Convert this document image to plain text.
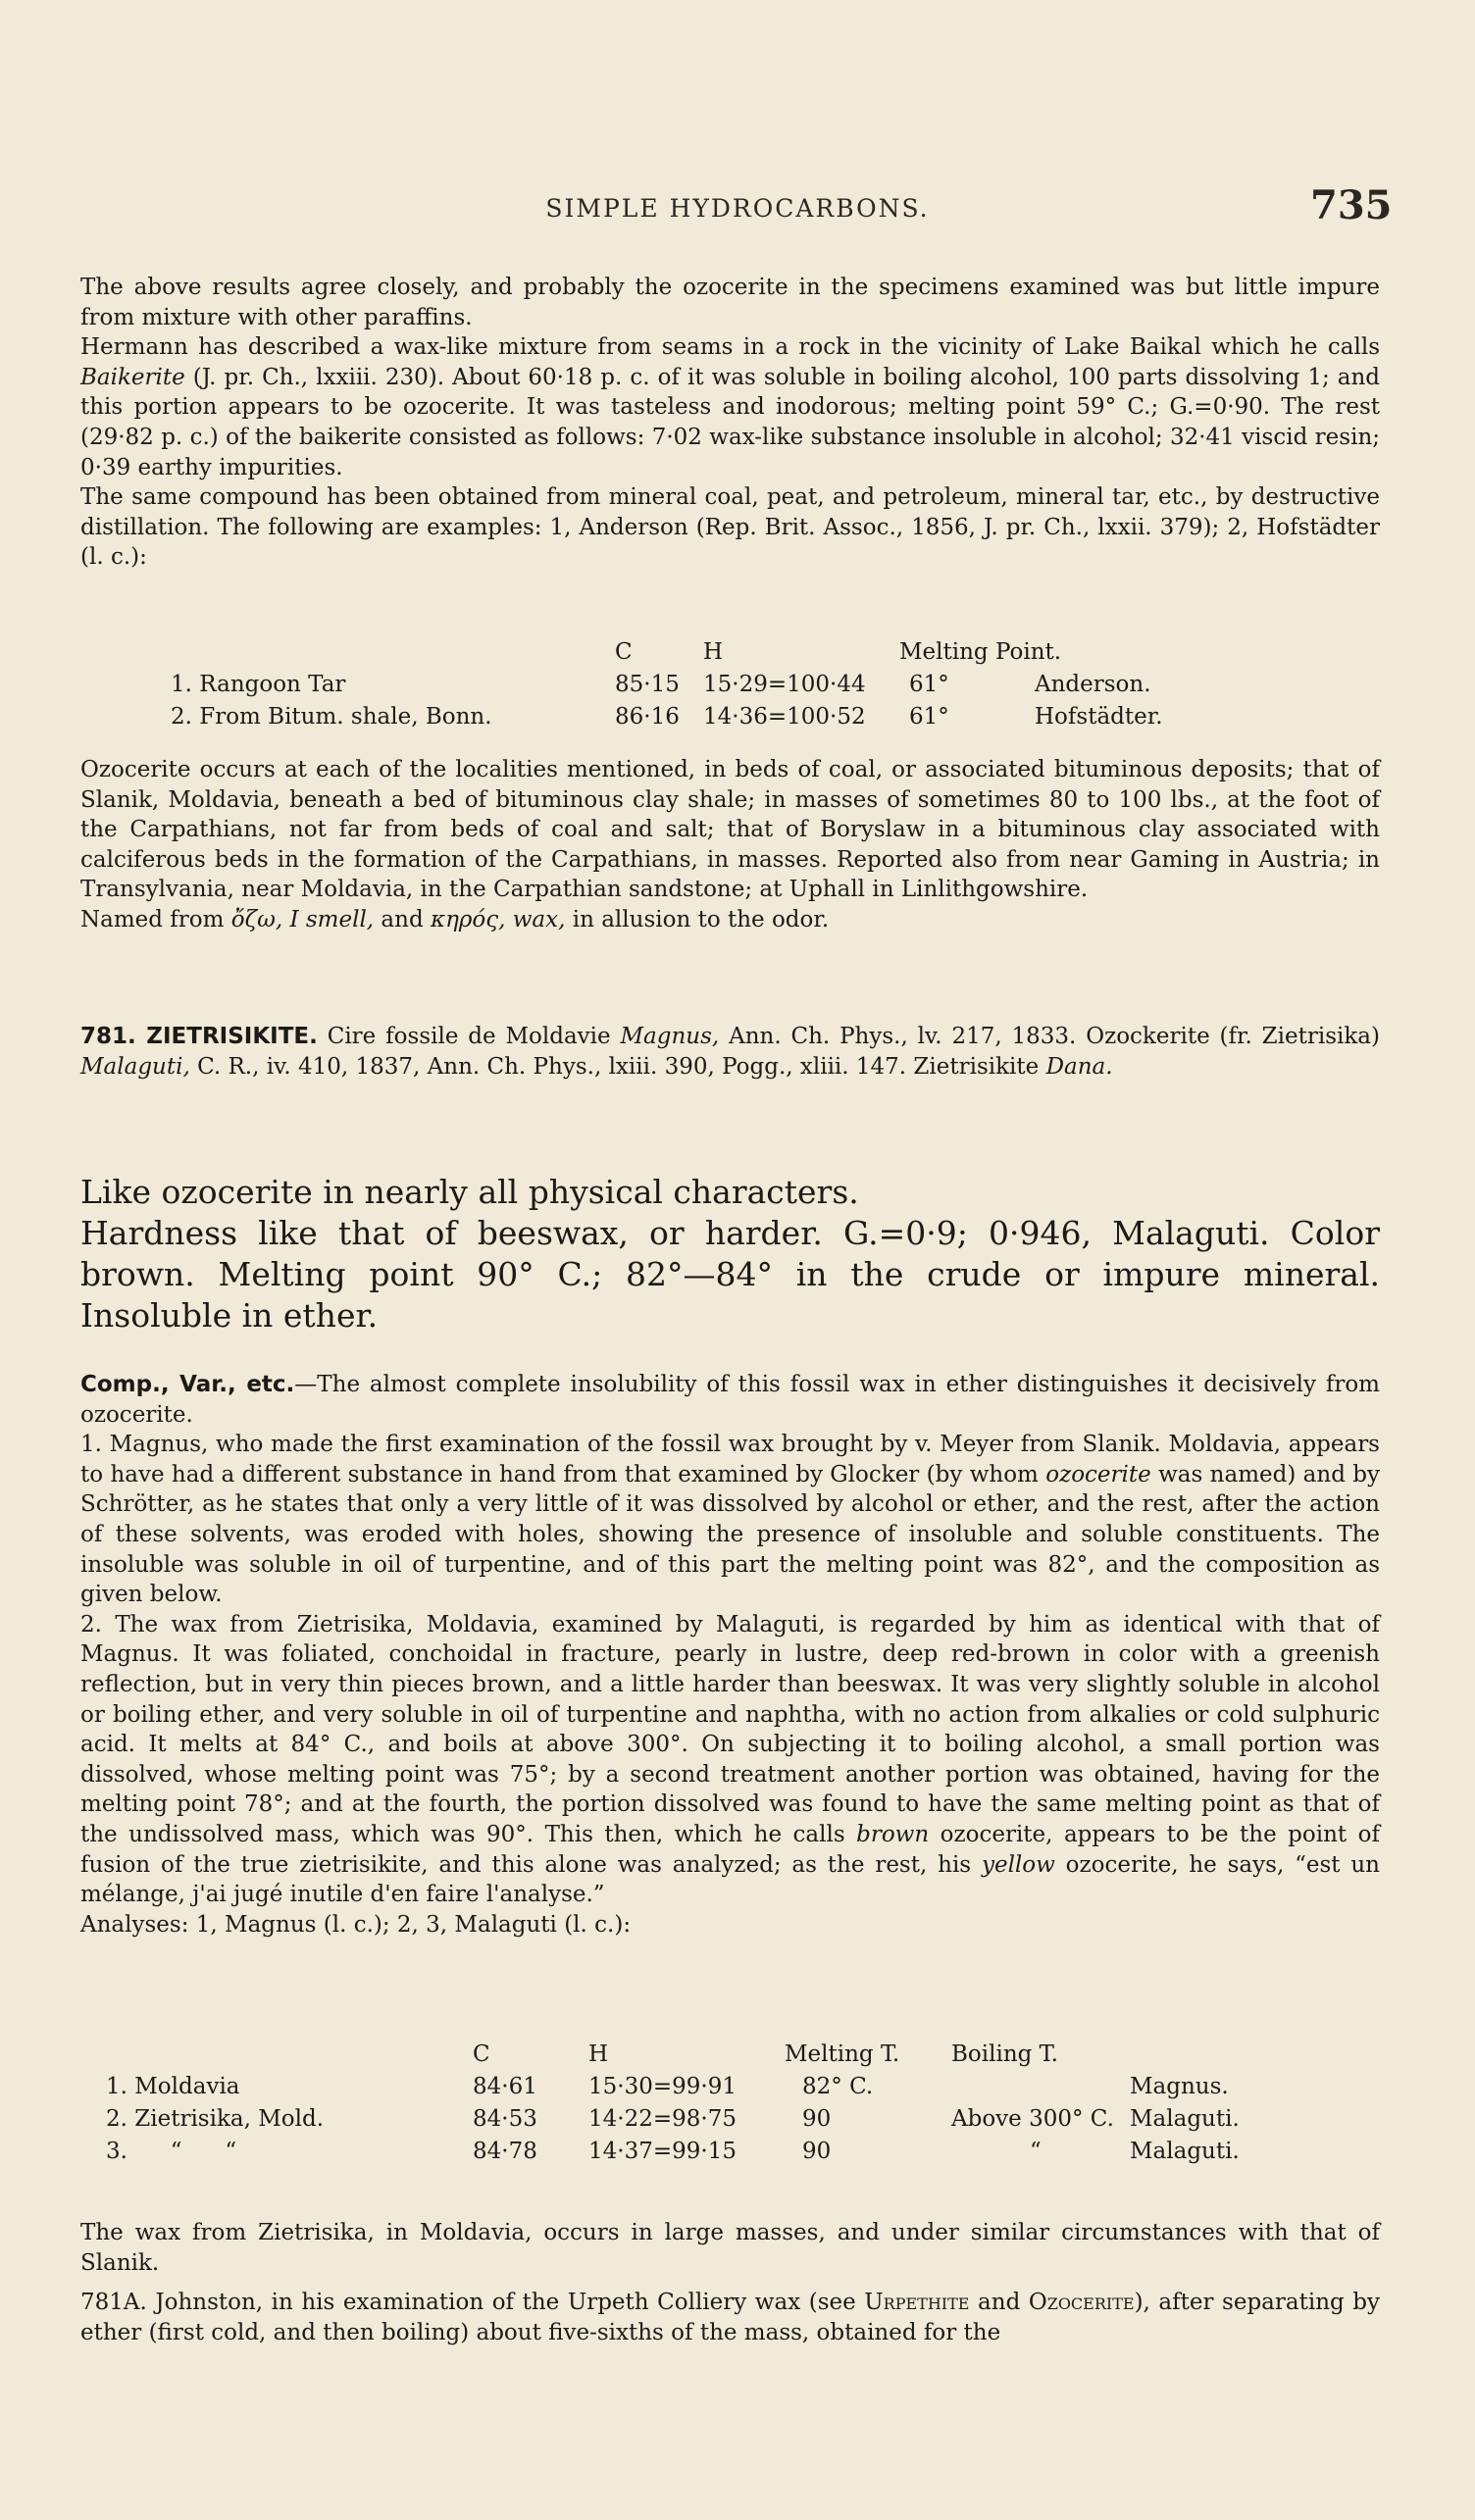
SIMPLE HYDROCARBONS.	735

The above results agree closely, and probably the ozocerite in the specimens examined was but little impure from mixture with other paraffins.

Hermann has described a wax-like mixture from seams in a rock in the vicinity of Lake Baikal which he calls Baikerite (J. pr. Ch., lxxiii. 230). About 60·18 p. c. of it was soluble in boiling alcohol, 100 parts dissolving 1; and this portion appears to be ozocerite. It was tasteless and inodorous; melting point 59° C.; G.=0·90. The rest (29·82 p. c.) of the baikerite consisted as follows: 7·02 wax-like substance insoluble in alcohol; 32·41 viscid resin; 0·39 earthy impurities.

The same compound has been obtained from mineral coal, peat, and petroleum, mineral tar, etc., by destructive distillation. The following are examples: 1, Anderson (Rep. Brit. Assoc., 1856, J. pr. Ch., lxxii. 379); 2, Hofstädter (l. c.):

	C	H	Melting Point.	
1. Rangoon Tar	85·15	15·29=100·44	61°	Anderson.
2. From Bitum. shale, Bonn.	86·16	14·36=100·52	61°	Hofstädter.

Ozocerite occurs at each of the localities mentioned, in beds of coal, or associated bituminous deposits; that of Slanik, Moldavia, beneath a bed of bituminous clay shale; in masses of sometimes 80 to 100 lbs., at the foot of the Carpathians, not far from beds of coal and salt; that of Boryslaw in a bituminous clay associated with calciferous beds in the formation of the Carpathians, in masses. Reported also from near Gaming in Austria; in Transylvania, near Moldavia, in the Carpathian sandstone; at Uphall in Linlithgowshire.

Named from ὄζω, I smell, and κηρός, wax, in allusion to the odor.

781. ZIETRISIKITE. Cire fossile de Moldavie Magnus, Ann. Ch. Phys., lv. 217, 1833. Ozockerite (fr. Zietrisika) Malaguti, C. R., iv. 410, 1837, Ann. Ch. Phys., lxiii. 390, Pogg., xliii. 147. Zietrisikite Dana.

Like ozocerite in nearly all physical characters.

Hardness like that of beeswax, or harder. G.=0·9; 0·946, Malaguti. Color brown. Melting point 90° C.; 82°—84° in the crude or impure mineral. Insoluble in ether.

Comp., Var., etc.—The almost complete insolubility of this fossil wax in ether distinguishes it decisively from ozocerite.

1. Magnus, who made the first examination of the fossil wax brought by v. Meyer from Slanik. Moldavia, appears to have had a different substance in hand from that examined by Glocker (by whom ozocerite was named) and by Schrötter, as he states that only a very little of it was dissolved by alcohol or ether, and the rest, after the action of these solvents, was eroded with holes, showing the presence of insoluble and soluble constituents. The insoluble was soluble in oil of turpentine, and of this part the melting point was 82°, and the composition as given below.

2. The wax from Zietrisika, Moldavia, examined by Malaguti, is regarded by him as identical with that of Magnus. It was foliated, conchoidal in fracture, pearly in lustre, deep red-brown in color with a greenish reflection, but in very thin pieces brown, and a little harder than beeswax. It was very slightly soluble in alcohol or boiling ether, and very soluble in oil of turpentine and naphtha, with no action from alkalies or cold sulphuric acid. It melts at 84° C., and boils at above 300°. On subjecting it to boiling alcohol, a small portion was dissolved, whose melting point was 75°; by a second treatment another portion was obtained, having for the melting point 78°; and at the fourth, the portion dissolved was found to have the same melting point as that of the undissolved mass, which was 90°. This then, which he calls brown ozocerite, appears to be the point of fusion of the true zietrisikite, and this alone was analyzed; as the rest, his yellow ozocerite, he says, “est un mélange, j'ai jugé inutile d'en faire l'analyse.”

Analyses: 1, Magnus (l. c.); 2, 3, Malaguti (l. c.):

	C	H	Melting T.	Boiling T.	
1. Moldavia	84·61	15·30=99·91	82° C.		Magnus.
2. Zietrisika, Mold.	84·53	14·22=98·75	90	Above 300° C.	Malaguti.
3.      “      “	84·78	14·37=99·15	90	“	Malaguti.

The wax from Zietrisika, in Moldavia, occurs in large masses, and under similar circumstances with that of Slanik.

781A. Johnston, in his examination of the Urpeth Colliery wax (see Urpethite and Ozocerite), after separating by ether (first cold, and then boiling) about five-sixths of the mass, obtained for the
